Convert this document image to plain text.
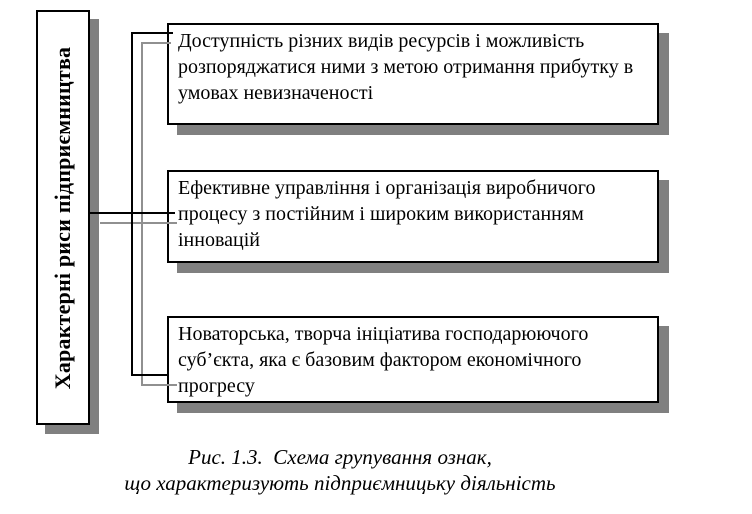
Характерні риси підприємництва
Доступність різних видів ресурсів і можливість розпоряджатися ними з метою отримання прибутку в умовах невизначеності
Ефективне управління і організація виробничого процесу з постійним і широким використанням інновацій
Новаторська, творча ініціатива господарюючого суб’єкта, яка є базовим фактором економічного прогресу
Рис. 1.3.  Схема групування ознак,
що характеризують підприємницьку діяльність
